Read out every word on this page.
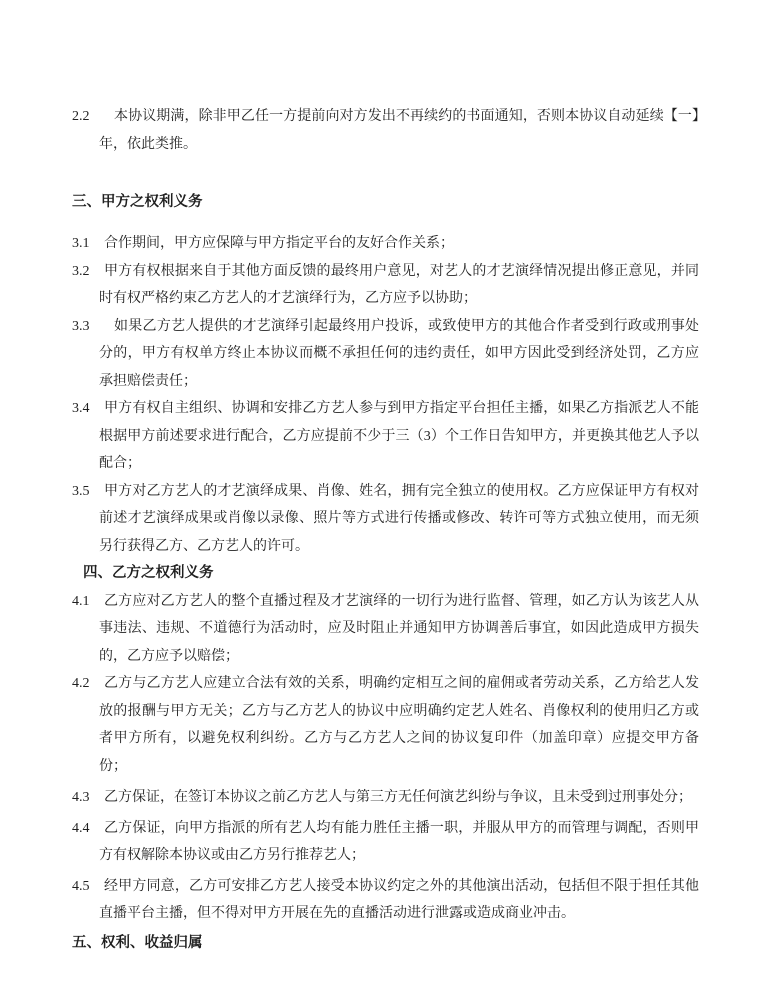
2.2 本协议期满，除非甲乙任一方提前向对方发出不再续约的书面通知，否则本协议自动延续【一】年，依此类推。
三、甲方之权利义务
3.1 合作期间，甲方应保障与甲方指定平台的友好合作关系；
3.2 甲方有权根据来自于其他方面反馈的最终用户意见，对艺人的才艺演绎情况提出修正意见，并同时有权严格约束乙方艺人的才艺演绎行为，乙方应予以协助；
3.3 如果乙方艺人提供的才艺演绎引起最终用户投诉，或致使甲方的其他合作者受到行政或刑事处分的，甲方有权单方终止本协议而概不承担任何的违约责任，如甲方因此受到经济处罚，乙方应承担赔偿责任；
3.4 甲方有权自主组织、协调和安排乙方艺人参与到甲方指定平台担任主播，如果乙方指派艺人不能根据甲方前述要求进行配合，乙方应提前不少于三（3）个工作日告知甲方，并更换其他艺人予以配合；
3.5 甲方对乙方艺人的才艺演绎成果、肖像、姓名，拥有完全独立的使用权。乙方应保证甲方有权对前述才艺演绎成果或肖像以录像、照片等方式进行传播或修改、转许可等方式独立使用，而无须另行获得乙方、乙方艺人的许可。
四、乙方之权利义务
4.1 乙方应对乙方艺人的整个直播过程及才艺演绎的一切行为进行监督、管理，如乙方认为该艺人从事违法、违规、不道德行为活动时，应及时阻止并通知甲方协调善后事宜，如因此造成甲方损失的，乙方应予以赔偿；
4.2 乙方与乙方艺人应建立合法有效的关系，明确约定相互之间的雇佣或者劳动关系，乙方给艺人发放的报酬与甲方无关；乙方与乙方艺人的协议中应明确约定艺人姓名、肖像权利的使用归乙方或者甲方所有，以避免权利纠纷。乙方与乙方艺人之间的协议复印件（加盖印章）应提交甲方备份；
4.3 乙方保证，在签订本协议之前乙方艺人与第三方无任何演艺纠纷与争议，且未受到过刑事处分；
4.4 乙方保证，向甲方指派的所有艺人均有能力胜任主播一职，并服从甲方的而管理与调配，否则甲方有权解除本协议或由乙方另行推荐艺人；
4.5 经甲方同意，乙方可安排乙方艺人接受本协议约定之外的其他演出活动，包括但不限于担任其他直播平台主播，但不得对甲方开展在先的直播活动进行泄露或造成商业冲击。
五、权利、收益归属
